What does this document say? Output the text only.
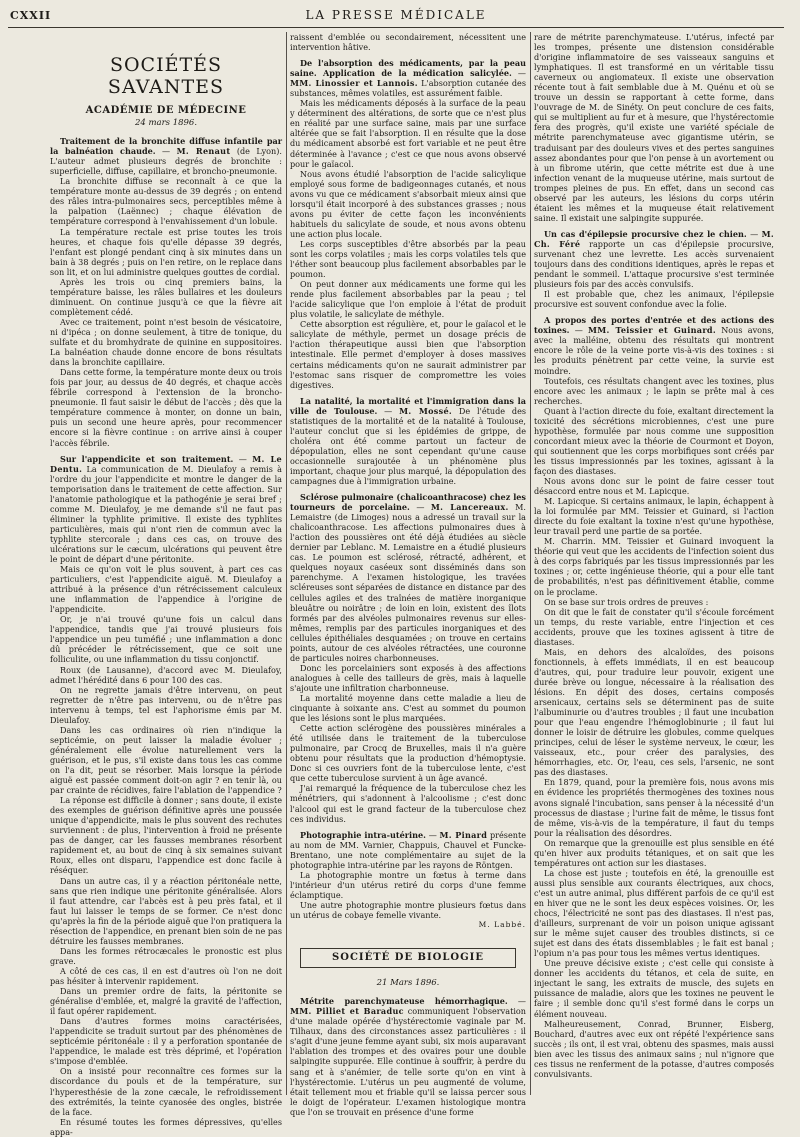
CXXII	LA PRESSE MÉDICALE
SOCIÉTÉS SAVANTES
ACADÉMIE DE MÉDECINE
24 mars 1896.

Traitement de la bronchite diffuse infantile par la balnéation chaude. — M. Renaut (de Lyon). L'auteur admet plusieurs degrés de bronchite : superficielle, diffuse, capillaire, et broncho-pneumonie.

La bronchite diffuse se reconnaît à ce que la température monte au-dessus de 39 degrés ; on entend des râles intra-pulmonaires secs, perceptibles même à la palpation (Laënnec) ; chaque élévation de température correspond à l'envahissement d'un lobule.

La température rectale est prise toutes les trois heures, et chaque fois qu'elle dépasse 39 degrés, l'enfant est plongé pendant cinq à six minutes dans un bain à 38 degrés ; puis on l'en retire, on le replace dans son lit, et on lui administre quelques gouttes de cordial.

Après les trois ou cinq premiers bains, la température baisse, les râles bullaires et les douleurs diminuent. On continue jusqu'à ce que la fièvre ait complètement cédé.

Avec ce traitement, point n'est besoin de vésicatoire, ni d'ipéca ; on donne seulement, à titre de tonique, du sulfate et du bromhydrate de quinine en suppositoires. La balnéation chaude donne encore de bons résultats dans la bronchite capillaire.

Dans cette forme, la température monte deux ou trois fois par jour, au dessus de 40 degrés, et chaque accès fébrile correspond à l'extension de la broncho-pneumonie. Il faut saisir le début de l'accès ; dès que la température commence à monter, on donne un bain, puis un second une heure après, pour recommencer encore si la fièvre continue : on arrive ainsi à couper l'accès fébrile.

Sur l'appendicite et son traitement. — M. Le Dentu. La communication de M. Dieulafoy a remis à l'ordre du jour l'appendicite et montre le danger de la temporisation dans le traitement de cette affection. Sur l'anatomie pathologique et la pathogénie je serai bref ; comme M. Dieulafoy, je me demande s'il ne faut pas éliminer la typhlite primitive. Il existe des typhlites particulières, mais qui n'ont rien de commun avec la typhlite stercorale ; dans ces cas, on trouve des ulcérations sur le cæcum, ulcérations qui peuvent être le point de départ d'une péritonite.

Mais ce qu'on voit le plus souvent, à part ces cas particuliers, c'est l'appendicite aiguë. M. Dieulafoy a attribué à la présence d'un rétrécissement calculeux une inflammation de l'appendice à l'origine de l'appendicite.

Or, je n'ai trouvé qu'une fois un calcul dans l'appendice, tandis que j'ai trouvé plusieurs fois l'appendice un peu tuméfié ; une inflammation a donc dû précéder le rétrécissement, que ce soit une folliculite, ou une inflammation du tissu conjonctif.

Roux (de Lausanne), d'accord avec M. Dieulafoy, admet l'hérédité dans 6 pour 100 des cas.

On ne regrette jamais d'être intervenu, on peut regretter de n'être pas intervenu, ou de n'être pas intervenu à temps, tel est l'aphorisme émis par M. Dieulafoy.

Dans les cas ordinaires où rien n'indique la septicémie, on peut laisser la maladie évoluer ; généralement elle évolue naturellement vers la guérison, et le pus, s'il existe dans tous les cas comme on l'a dit, peut se résorber. Mais lorsque la période aiguë est passée comment doit-on agir ? en tenir là, ou par crainte de récidives, faire l'ablation de l'appendice ?

La réponse est difficile à donner ; sans doute, il existe des exemples de guérison définitive après une poussée unique d'appendicite, mais le plus souvent des rechutes surviennent : de plus, l'intervention à froid ne présente pas de danger, car les fausses membranes résorbent rapidement et, au bout de cinq à six semaines suivant Roux, elles ont disparu, l'appendice est donc facile à réséquer.

Dans un autre cas, il y a réaction péritonéale nette, sans que rien indique une péritonite généralisée. Alors il faut attendre, car l'abcès est à peu près fatal, et il faut lui laisser le temps de se former. Ce n'est donc qu'après la fin de la période aiguë que l'on pratiquera la résection de l'appendice, en prenant bien soin de ne pas détruire les fausses membranes.

Dans les formes rétrocæcales le pronostic est plus grave.

A côté de ces cas, il en est d'autres où l'on ne doit pas hésiter à intervenir rapidement.

Dans un premier ordre de faits, la péritonite se généralise d'emblée, et, malgré la gravité de l'affection, il faut opérer rapidement.

Dans d'autres formes moins caractérisées, l'appendicite se traduit surtout par des phénomènes de septicémie péritonéale : il y a perforation spontanée de l'appendice, le malade est très déprimé, et l'opération s'impose d'emblée.

On a insisté pour reconnaître ces formes sur la discordance du pouls et de la température, sur l'hyperesthésie de la zone cæcale, le refroidissement des extrémités, la teinte cyanosée des ongles, bistrée de la face.

En résumé toutes les formes dépressives, qu'elles appa-

raissent d'emblée ou secondairement, nécessitent une intervention hâtive.

De l'absorption des médicaments, par la peau saine. Application de la médication salicylée. — MM. Linossier et Lannois. L'absorption cutanée des substances, mêmes volatiles, est assurément faible.

Mais les médicaments déposés à la surface de la peau y déterminent des altérations, de sorte que ce n'est plus en réalité par une surface saine, mais par une surface altérée que se fait l'absorption. Il en résulte que la dose du médicament absorbé est fort variable et ne peut être déterminée à l'avance ; c'est ce que nous avons observé pour le gaïacol.

Nous avons étudié l'absorption de l'acide salicylique employé sous forme de badigeonnages cutanés, et nous avons vu que ce médicament s'absorbait mieux ainsi que lorsqu'il était incorporé à des substances grasses ; nous avons pu éviter de cette façon les inconvénients habituels du salicylate de soude, et nous avons obtenu une action plus locale.

Les corps susceptibles d'être absorbés par la peau sont les corps volatiles ; mais les corps volatiles tels que l'éther sont beaucoup plus facilement absorbables par le poumon.

On peut donner aux médicaments une forme qui les rende plus facilement absorbables par la peau ; tel l'acide salicylique que l'on emploie à l'état de produit plus volatile, le salicylate de méthyle.

Cette absorption est régulière, et, pour le gaïacol et le salicylate de méthyle, permet un dosage précis de l'action thérapeutique aussi bien que l'absorption intestinale. Elle permet d'employer à doses massives certains médicaments qu'on ne saurait administrer par l'estomac sans risquer de compromettre les voies digestives.

La natalité, la mortalité et l'immigration dans la ville de Toulouse. — M. Mossé. De l'étude des statistiques de la mortalité et de la natalité à Toulouse, l'auteur conclut que si les épidémies de grippe, de choléra ont été comme partout un facteur de dépopulation, elles ne sont cependant qu'une cause occasionnelle surajoutée à un phénomène plus important, chaque jour plus marqué, la dépopulation des campagnes due à l'immigration urbaine.

Sclérose pulmonaire (chalicoanthracose) chez les tourneurs de porcelaine. — M. Lancereaux. M. Lemaistre (de Limoges) nous a adressé un travail sur la chalicoanthracose. Les affections pulmonaires dues à l'action des poussières ont été déjà étudiées au siècle dernier par Leblanc. M. Lemaistre en a étudié plusieurs cas. Le poumon est sclérosé, rétracté, adhérent, et quelques noyaux caséeux sont disséminés dans son parenchyme. A l'examen histologique, les travées scléreuses sont séparées de distance en distance par des cellules agiles et des traînées de matière inorganique bleuâtre ou noirâtre ; de loin en loin, existent des îlots formés par des alvéoles pulmonaires revenus sur elles-mêmes, remplis par des particules inorganiques et des cellules épithéliales desquamées ; on trouve en certains points, autour de ces alvéoles rétractées, une couronne de particules noires charbonneuses.

Donc les porcelainiers sont exposés à des affections analogues à celle des tailleurs de grès, mais à laquelle s'ajoute une infiltration charbonneuse.

La mortalité moyenne dans cette maladie a lieu de cinquante à soixante ans. C'est au sommet du poumon que les lésions sont le plus marquées.

Cette action sclérogène des poussières minérales a été utilisée dans le traitement de la tuberculose pulmonaire, par Crocq de Bruxelles, mais il n'a guère obtenu pour résultats que la production d'hémoptysie. Donc si ces ouvriers font de la tuberculose lente, c'est que cette tuberculose survient à un âge avancé.

J'ai remarqué la fréquence de la tuberculose chez les ménétriers, qui s'adonnent à l'alcoolisme ; c'est donc l'alcool qui est le grand facteur de la tuberculose chez ces individus.

Photographie intra-utérine. — M. Pinard présente au nom de MM. Varnier, Chappuis, Chauvel et Funcke-Brentano, une note complémentaire au sujet de la photographie intra-utérine par les rayons de Röntgen.

La photographie montre un fœtus à terme dans l'intérieur d'un utérus retiré du corps d'une femme éclamptique.

Une autre photographie montre plusieurs fœtus dans un utérus de cobaye femelle vivante.

M. Labbé.
SOCIÉTÉ DE BIOLOGIE
21 Mars 1896.

Métrite parenchymateuse hémorrhagique. — MM. Pilliet et Baraduc communiquent l'observation d'une malade opérée d'hystérectomie vaginale par M. Tilhaux, dans des circonstances assez particulières : il s'agit d'une jeune femme ayant subi, six mois auparavant l'ablation des trompes et des ovaires pour une double salpingite suppurée. Elle continue à souffrir, à perdre du sang et à s'anémier, de telle sorte qu'on en vint à l'hystérectomie. L'utérus un peu augmenté de volume, était tellement mou et friable qu'il se laissa percer sous le doigt de l'opérateur. L'examen histologique montra que l'on se trouvait en présence d'une forme

rare de métrite parenchymateuse. L'utérus, infecté par les trompes, présente une distension considérable d'origine inflammatoire de ses vaisseaux sanguins et lymphatiques. Il est transformé en un véritable tissu caverneux ou angiomateux. Il existe une observation récente tout à fait semblable due à M. Quénu et où se trouve un dessin se rapportant à cette forme, dans l'ouvrage de M. de Sinéty. On peut conclure de ces faits, qui se multiplient au fur et à mesure, que l'hystérectomie fera des progrès, qu'il existe une variété spéciale de métrite parenchymateuse avec gigantisme utérin, se traduisant par des douleurs vives et des pertes sanguines assez abondantes pour que l'on pense à un avortement ou à un fibrome utérin, que cette métrite est due à une infection venant de la muqueuse utérine, mais surtout de trompes pleines de pus. En effet, dans un second cas observé par les auteurs, les lésions du corps utérin étaient les mêmes et la muqueuse était relativement saine. Il existait une salpingite suppurée.

Un cas d'épilepsie procursive chez le chien. — M. Ch. Féré rapporte un cas d'épilepsie procursive, survenant chez une levrette. Les accès survenaient toujours dans des conditions identiques, après le repas et pendant le sommeil. L'attaque procursive s'est terminée plusieurs fois par des accès convulsifs.

Il est probable que, chez les animaux, l'épilepsie procursive est souvent confondue avec la folie.

A propos des portes d'entrée et des actions des toxines. — MM. Teissier et Guinard. Nous avons, avec la malléine, obtenu des résultats qui montrent encore le rôle de la veine porte vis-à-vis des toxines : si les produits pénètrent par cette veine, la survie est moindre.

Toutefois, ces résultats changent avec les toxines, plus encore avec les animaux ; le lapin se prête mal à ces recherches.

Quant à l'action directe du foie, exaltant directement la toxicité des sécrétions microbiennes, c'est une pure hypothèse, formulée par nous comme une supposition concordant mieux avec la théorie de Courmont et Doyon, qui soutiennent que les corps morbifiques sont créés par les tissus impressionnés par les toxines, agissant à la façon des diastases.

Nous avons donc sur le point de faire cesser tout désaccord entre nous et M. Lapicque.

M. Lapicque. Si certains animaux, le lapin, échappent à la loi formulée par MM. Teissier et Guinard, si l'action directe du foie exaltant la toxine n'est qu'une hypothèse, leur travail perd une partie de sa portée.

M. Charrin. MM. Teissier et Guinard invoquent la théorie qui veut que les accidents de l'infection soient dus à des corps fabriqués par les tissus impressionnés par les toxines ; or, cette ingénieuse théorie, qui a pour elle tant de probabilités, n'est pas définitivement établie, comme on le proclame.

On se base sur trois ordres de preuves :

On dit que le fait de constater qu'il s'écoule forcément un temps, du reste variable, entre l'injection et ces accidents, prouve que les toxines agissent à titre de diastases.

Mais, en dehors des alcaloïdes, des poisons fonctionnels, à effets immédiats, il en est beaucoup d'autres, qui, pour traduire leur pouvoir, exigent une durée brève ou longue, nécessaire à la réalisation des lésions. En dépit des doses, certains composés arsenicaux, certains sels se déterminent pas de suite l'albuminurie ou d'autres troubles ; il faut une incubation pour que l'eau engendre l'hémoglobinurie ; il faut lui donner le loisir de détruire les globules, comme quelques principes, celui de léser le système nerveux, le cœur, les vaisseaux, etc., pour créer des paralysies, des hémorrhagies, etc. Or, l'eau, ces sels, l'arsenic, ne sont pas des diastases.

En 1879, quand, pour la première fois, nous avons mis en évidence les propriétés thermogènes des toxines nous avons signalé l'incubation, sans penser à la nécessité d'un processus de diastase ; l'urine fait de même, le tissus font de même, vis-à-vis de la température, il faut du temps pour la réalisation des désordres.

On remarque que la grenouille est plus sensible en été qu'en hiver aux produits tétaniques, et on sait que les températures ont action sur les diastases.

La chose est juste ; toutefois en été, la grenouille est aussi plus sensible aux courants électriques, aux chocs, c'est un autre animal, plus différent parfois de ce qu'il est en hiver que ne le sont les deux espèces voisines. Or, les chocs, l'électricité ne sont pas des diastases. Il n'est pas, d'ailleurs, surprenant de voir un poison unique agissant sur le même sujet causer des troubles distincts, si ce sujet est dans des états dissemblables ; le fait est banal ; l'opium n'a pas pour tous les mêmes vertus identiques.

Une preuve décisive existe ; c'est celle qui consiste à donner les accidents du tétanos, et cela de suite, en injectant le sang, les extraits de muscle, des sujets en puissance de maladie, alors que les toxines ne peuvent le faire ; il semble donc qu'il s'est formé dans le corps un élément nouveau.

Malheureusement, Conrad, Brunner, Eisberg, Bouchard, d'autres avec eux ont répété l'expérience sans succès ; ils ont, il est vrai, obtenu des spasmes, mais aussi bien avec les tissus des animaux sains ; nul n'ignore que ces tissus ne renferment de la potasse, d'autres composés convulsivants.
